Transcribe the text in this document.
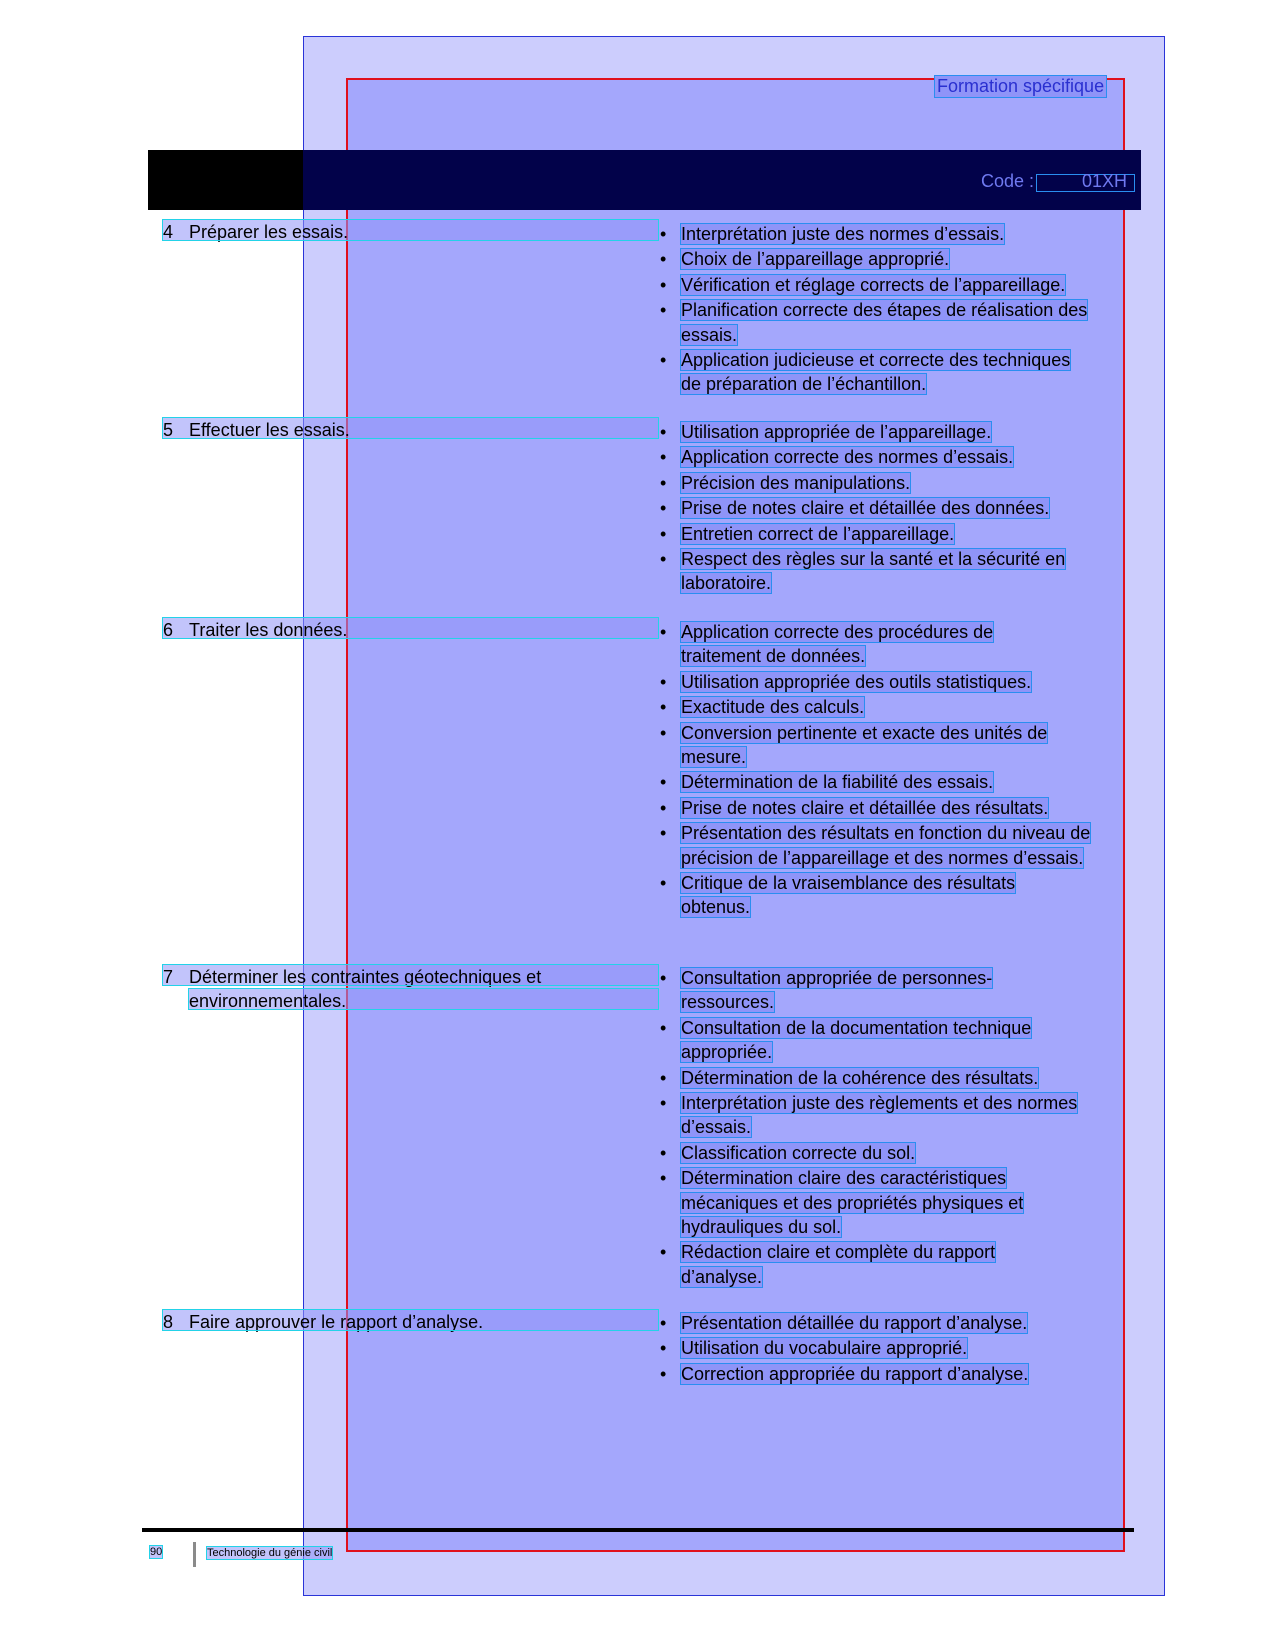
Formation spécifique
Code :	01XH
4 Préparer les essais.	• Interprétation juste des normes d’essais.
• Choix de l’appareillage approprié.
• Vérification et réglage corrects de l’appareillage.
• Planification correcte des étapes de réalisation des essais.
• Application judicieuse et correcte des techniques de préparation de l’échantillon.
5 Effectuer les essais.	• Utilisation appropriée de l’appareillage.
• Application correcte des normes d’essais.
• Précision des manipulations.
• Prise de notes claire et détaillée des données.
• Entretien correct de l’appareillage.
• Respect des règles sur la santé et la sécurité en laboratoire.
6 Traiter les données.	• Application correcte des procédures de traitement de données.
• Utilisation appropriée des outils statistiques.
• Exactitude des calculs.
• Conversion pertinente et exacte des unités de mesure.
• Détermination de la fiabilité des essais.
• Prise de notes claire et détaillée des résultats.
• Présentation des résultats en fonction du niveau de précision de l’appareillage et des normes d’essais.
• Critique de la vraisemblance des résultats obtenus.
7 Déterminer les contraintes géotechniques et
environnementales.
• Consultation appropriée de personnes-ressources.
• Consultation de la documentation technique appropriée.
• Détermination de la cohérence des résultats.
• Interprétation juste des règlements et des normes d’essais.
• Classification correcte du sol.
• Détermination claire des caractéristiques mécaniques et des propriétés physiques et hydrauliques du sol.
• Rédaction claire et complète du rapport d’analyse.
8 Faire approuver le rapport d’analyse.	• Présentation détaillée du rapport d’analyse.
• Utilisation du vocabulaire approprié.
• Correction appropriée du rapport d’analyse.
90	Technologie du génie civil
